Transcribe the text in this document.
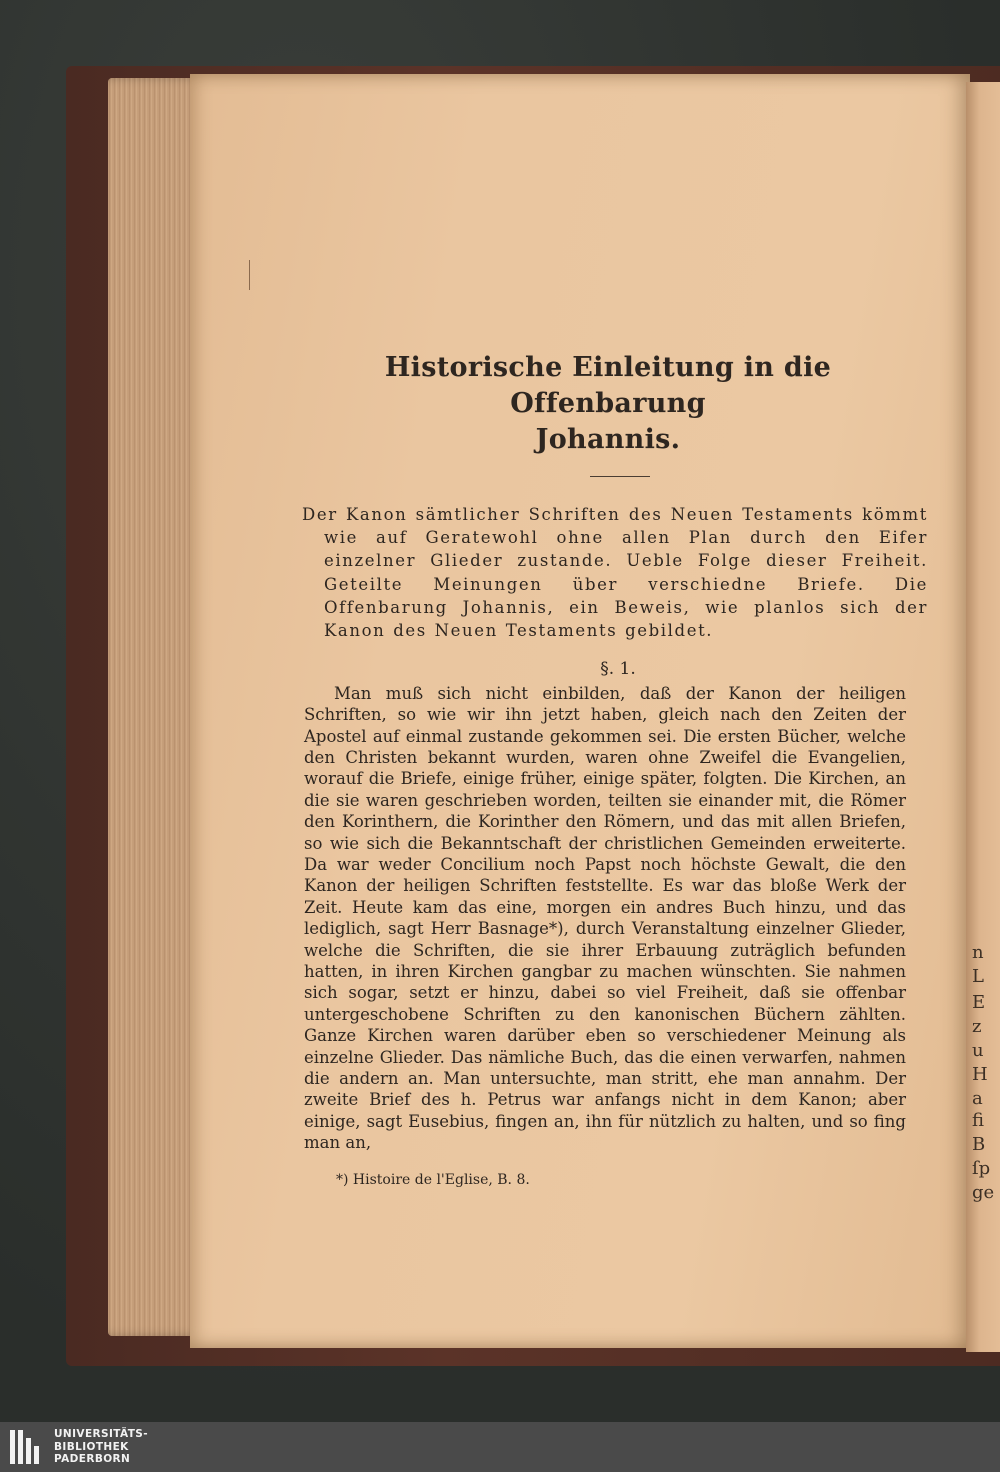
n
L
E
z
u
H
a
fi
B
ſp
ge
Historische Einleitung in die Offenbarung
Johannis.

Der Kanon sämtlicher Schriften des Neuen Testaments kömmt wie auf Geratewohl ohne allen Plan durch den Eifer einzelner Glieder zustande. Ueble Folge dieser Freiheit. Geteilte Meinungen über verschiedne Briefe. Die Offenbarung Johannis, ein Beweis, wie planlos sich der Kanon des Neuen Testaments gebildet.

§. 1.

Man muß sich nicht einbilden, daß der Kanon der heiligen Schriften, so wie wir ihn jetzt haben, gleich nach den Zeiten der Apostel auf einmal zustande gekommen sei. Die ersten Bücher, welche den Christen bekannt wurden, waren ohne Zweifel die Evangelien, worauf die Briefe, einige früher, einige später, folgten. Die Kirchen, an die sie waren geschrieben worden, teilten sie einander mit, die Römer den Korinthern, die Korinther den Römern, und das mit allen Briefen, so wie sich die Bekanntschaft der christlichen Gemeinden erweiterte. Da war weder Concilium noch Papst noch höchste Gewalt, die den Kanon der heiligen Schriften feststellte. Es war das bloße Werk der Zeit. Heute kam das eine, morgen ein andres Buch hinzu, und das lediglich, sagt Herr Basnage*), durch Veranstaltung einzelner Glieder, welche die Schriften, die sie ihrer Erbauung zuträglich befunden hatten, in ihren Kirchen gangbar zu machen wünschten. Sie nahmen sich sogar, setzt er hinzu, dabei so viel Freiheit, daß sie offenbar untergeschobene Schriften zu den kanonischen Büchern zählten. Ganze Kirchen waren darüber eben so verschiedener Meinung als einzelne Glieder. Das nämliche Buch, das die einen verwarfen, nahmen die andern an. Man untersuchte, man stritt, ehe man annahm. Der zweite Brief des h. Petrus war anfangs nicht in dem Kanon; aber einige, sagt Eusebius, fingen an, ihn für nützlich zu halten, und so fing man an,

*) Histoire de l'Eglise, B. 8.

UNIVERSITÄTS-
BIBLIOTHEK
PADERBORN
